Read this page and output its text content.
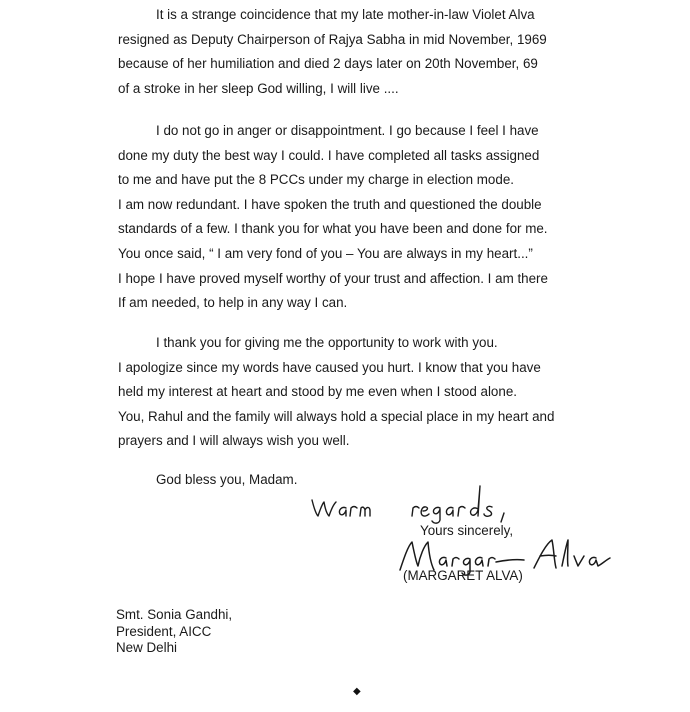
It is a strange coincidence that my late mother-in-law Violet Alva
resigned as Deputy Chairperson of Rajya Sabha in mid November, 1969
because of her humiliation and died 2 days later on 20th November, 69
of a stroke in her sleep God willing, I will live ....
I do not go in anger or disappointment. I go because I feel I have
done my duty the best way I could. I have completed all tasks assigned
to me and have put the 8 PCCs under my charge in election mode.
I am now redundant. I have spoken the truth and questioned the double
standards of a few. I thank you for what you have been and done for me.
You once said, “ I am very fond of you – You are always in my heart...”
I hope I have proved myself worthy of your trust and affection. I am there
If am needed, to help in any way I can.
I thank you for giving me the opportunity to work with you.
I apologize since my words have caused you hurt. I know that you have
held my interest at heart and stood by me even when I stood alone.
You, Rahul and the family will always hold a special place in my heart and
prayers and I will always wish you well.
God bless you, Madam.
Yours sincerely,
(MARGARET ALVA)
Smt. Sonia Gandhi,
President, AICC
New Delhi
◆
